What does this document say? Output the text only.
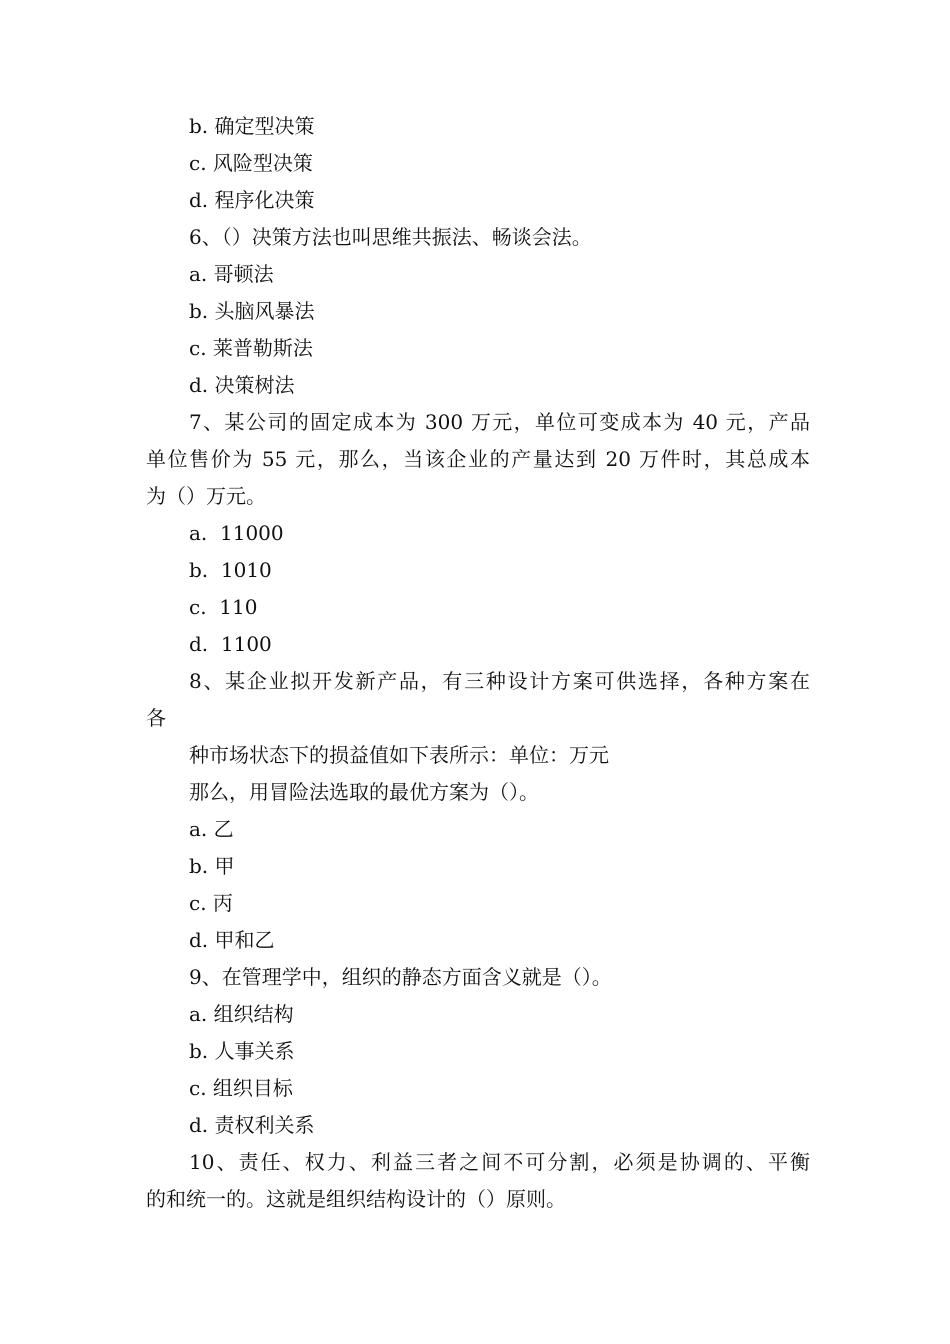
b. 确定型决策
c. 风险型决策
d. 程序化决策
6、（）决策方法也叫思维共振法、畅谈会法。
a. 哥顿法
b. 头脑风暴法
c. 莱普勒斯法
d. 决策树法
7、某公司的固定成本为 300 万元，单位可变成本为 40 元，产品
单位售价为 55 元，那么，当该企业的产量达到 20 万件时，其总成本
为（）万元。
a.  11000
b.  1010
c.  110
d.  1100
8、某企业拟开发新产品，有三种设计方案可供选择，各种方案在
各
种市场状态下的损益值如下表所示：单位：万元
那么，用冒险法选取的最优方案为（）。
a. 乙
b. 甲
c. 丙
d. 甲和乙
9、在管理学中，组织的静态方面含义就是（）。
a. 组织结构
b. 人事关系
c. 组织目标
d. 责权利关系
10、责任、权力、利益三者之间不可分割，必须是协调的、平衡
的和统一的。这就是组织结构设计的（）原则。
